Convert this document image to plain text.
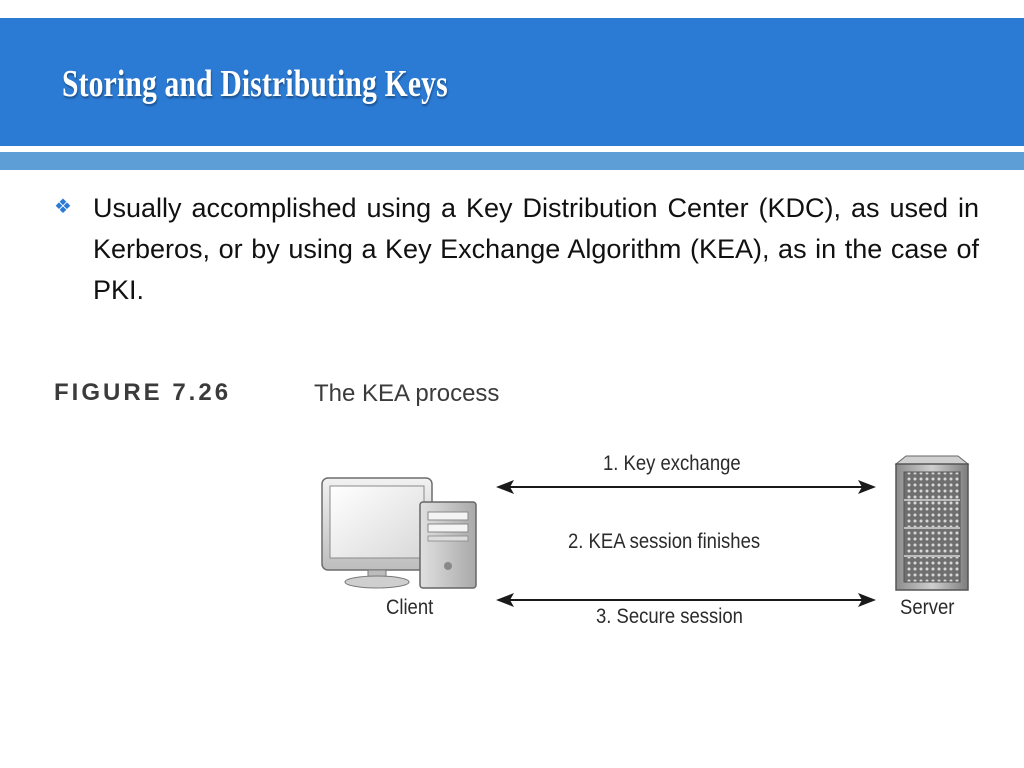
Storing and Distributing Keys
❖ Usually accomplished using a Key Distribution Center (KDC), as used in Kerberos, or by using a Key Exchange Algorithm (KEA), as in the case of PKI.
FIGURE 7.26	The KEA process
1. Key exchange
2. KEA session finishes
3. Secure session
Client	Server
